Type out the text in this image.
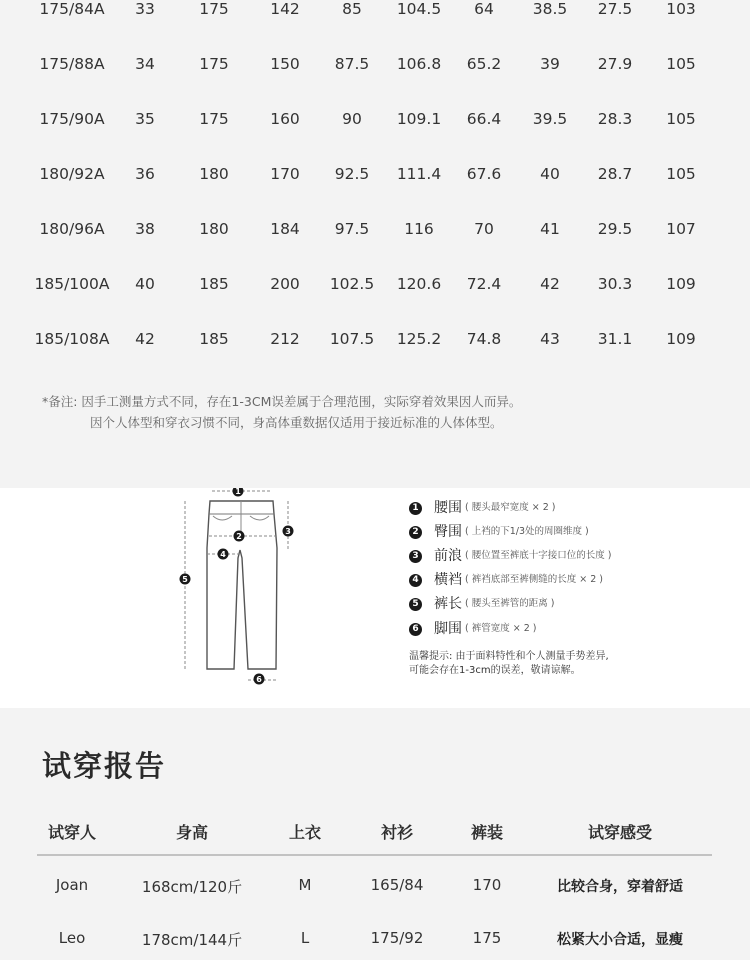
175/84A 33	175	142	85 104.5 64	38.5 27.5 103
175/88A 34	175	150 87.5 106.8 65.2	39 27.9 105
175/90A 35	175	160	90 109.1 66.4 39.5 28.3 105
180/92A 36	180	170 92.5 111.4 67.6	40 28.7 105
180/96A 38	180	184 97.5 116	70	41 29.5 107
185/100A 40	185	200 102.5 120.6 72.4	42 30.3 109
185/108A 42	185	212 107.5 125.2 74.8	43 31.1 109
*备注: 因手工测量方式不同，存在1-3CM误差属于合理范围，实际穿着效果因人而异。
因个人体型和穿衣习惯不同，身高体重数据仅适用于接近标准的人体体型。
1
2
3
4
5
6
1 腰围 ( 腰头最窄宽度 × 2 )
2 臀围 ( 上裆的下1/3处的周圈维度 )
3 前浪 ( 腰位置至裤底十字接口位的长度 )
4 横裆 ( 裤裆底部至裤侧缝的长度 × 2 )
5 裤长 ( 腰头至裤管的距离 )
6 脚围 ( 裤管宽度 × 2 )
温馨提示: 由于面料特性和个人测量手势差异,
可能会存在1-3cm的误差，敬请谅解。
试穿报告
试穿人	身高	上衣	衬衫	裤装	试穿感受
Joan	168cm/120斤	M	165/84	170	比较合身，穿着舒适
Leo	178cm/144斤	L	175/92	175	松紧大小合适，显瘦
